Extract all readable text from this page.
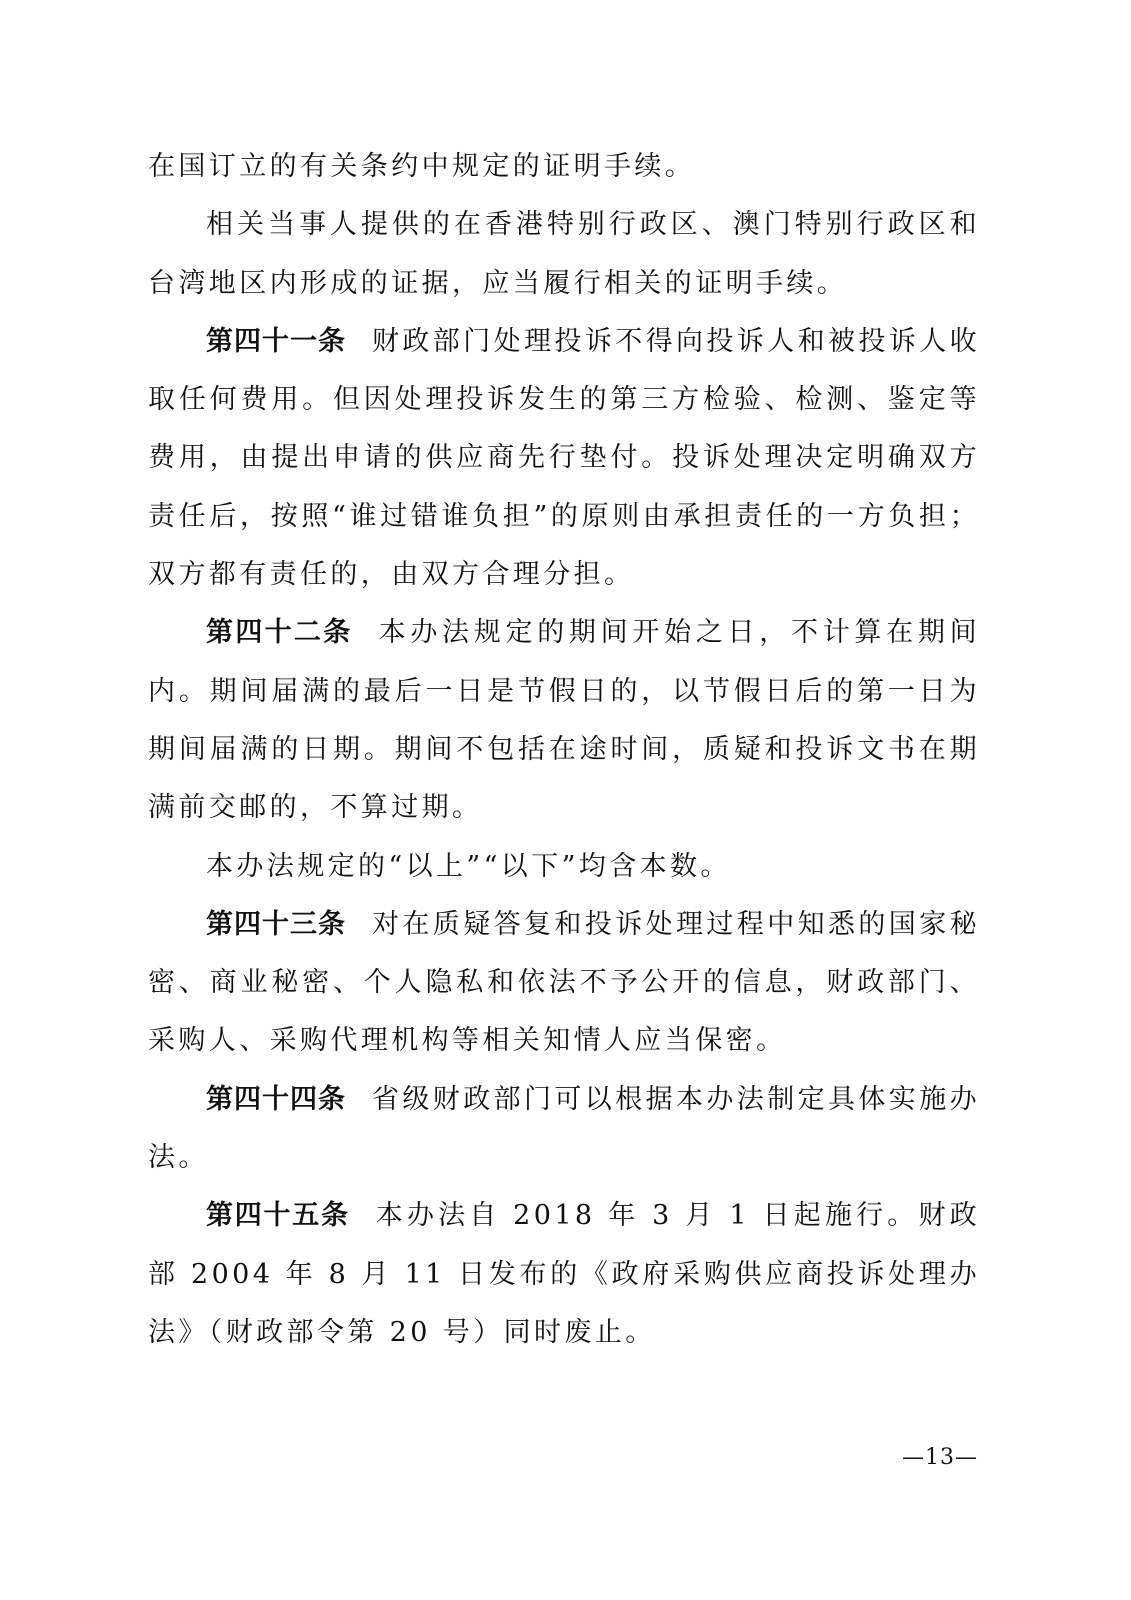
在国订立的有关条约中规定的证明手续。

相关当事人提供的在香港特别行政区、澳门特别行政区和台湾地区内形成的证据，应当履行相关的证明手续。

第四十一条 财政部门处理投诉不得向投诉人和被投诉人收取任何费用。但因处理投诉发生的第三方检验、检测、鉴定等费用，由提出申请的供应商先行垫付。投诉处理决定明确双方责任后，按照“谁过错谁负担”的原则由承担责任的一方负担；双方都有责任的，由双方合理分担。

第四十二条 本办法规定的期间开始之日，不计算在期间内。期间届满的最后一日是节假日的，以节假日后的第一日为期间届满的日期。期间不包括在途时间，质疑和投诉文书在期满前交邮的，不算过期。

本办法规定的“以上”“以下”均含本数。

第四十三条 对在质疑答复和投诉处理过程中知悉的国家秘密、商业秘密、个人隐私和依法不予公开的信息，财政部门、采购人、采购代理机构等相关知情人应当保密。

第四十四条 省级财政部门可以根据本办法制定具体实施办法。

第四十五条 本办法自 2018 年 3 月 1 日起施行。财政部 2004 年 8 月 11 日发布的《政府采购供应商投诉处理办法》（财政部令第 20 号）同时废止。

—13—
